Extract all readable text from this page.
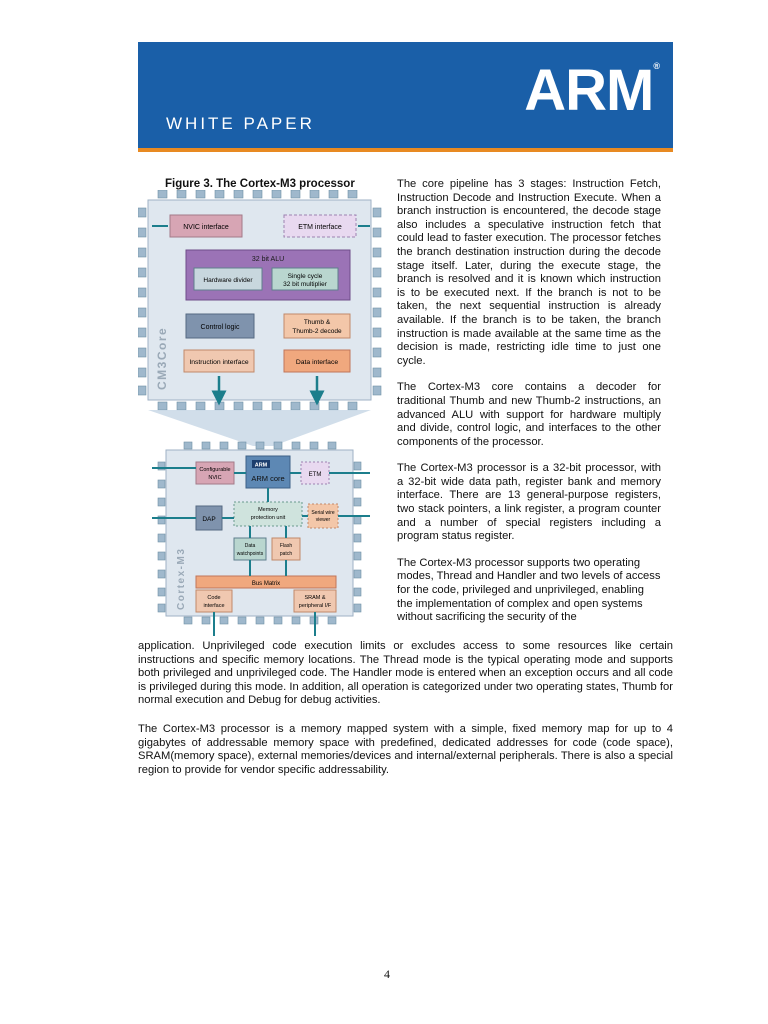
WHITE PAPER
ARM®
Figure 3. The Cortex-M3 processor
CM3Core
NVIC interface	ETM interface
32 bit ALU
Hardware divider
Single cycle
32 bit multiplier
Control logic
Thumb &
Thumb-2 decode
Instruction interface	Data interface
Cortex-M3
Configurable
NVIC
ARM
ARM core	ETM
DAP
Memory
protection unit
Serial wire
viewer
Data
watchpoints
Flash
patch
Bus Matrix
Code
interface
SRAM &
peripheral I/F

The core pipeline has 3 stages: Instruction Fetch, Instruction Decode and Instruction Execute. When a branch instruction is encountered, the decode stage also includes a speculative instruction fetch that could lead to faster execution. The processor fetches the branch destination instruction during the decode stage itself. Later, during the execute stage, the branch is resolved and it is known which instruction is to be executed next. If the branch is not to be taken, the next sequential instruction is already available. If the branch is to be taken, the branch instruction is made available at the same time as the decision is made, restricting idle time to just one cycle.

The Cortex-M3 core contains a decoder for traditional Thumb and new Thumb-2 instructions, an advanced ALU with support for hardware multiply and divide, control logic, and interfaces to the other components of the processor.

The Cortex-M3 processor is a 32-bit processor, with a 32-bit wide data path, register bank and memory interface. There are 13 general-purpose registers, two stack pointers, a link register, a program counter and a number of special registers including a program status register.

The Cortex-M3 processor supports two operating modes, Thread and Handler and two levels of access for the code, privileged and unprivileged, enabling the implementation of complex and open systems without sacrificing the security of the

application. Unprivileged code execution limits or excludes access to some resources like certain instructions and specific memory locations. The Thread mode is the typical operating mode and supports both privileged and unprivileged code. The Handler mode is entered when an exception occurs and all code is privileged during this mode. In addition, all operation is categorized under two operating states, Thumb for normal execution and Debug for debug activities.
The Cortex-M3 processor is a memory mapped system with a simple, fixed memory map for up to 4 gigabytes of addressable memory space with predefined, dedicated addresses for code (code space), SRAM(memory space), external memories/devices and internal/external peripherals. There is also a special region to provide for vendor specific addressability.
4
